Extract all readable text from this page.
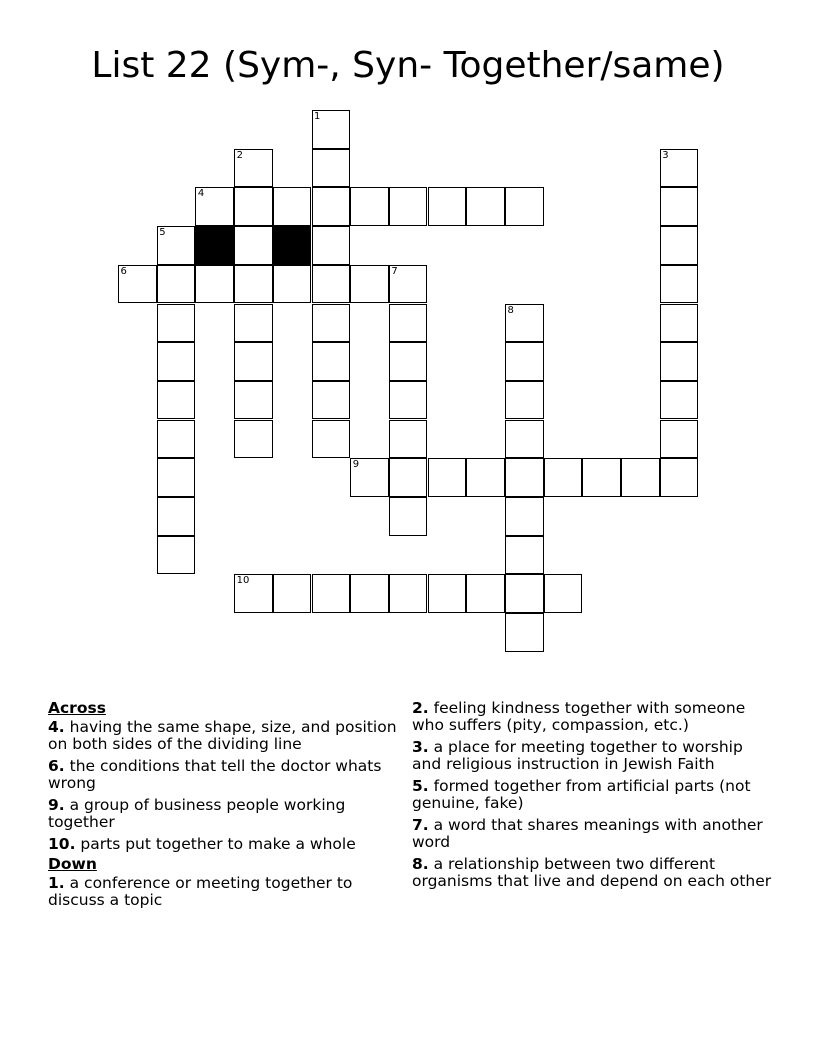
List 22 (Sym-, Syn- Together/same)
1
2	3
4
5
6	7
8
9
10
Across
4. having the same shape, size, and position on both sides of the dividing line
6. the conditions that tell the doctor whats wrong
9. a group of business people working together
10. parts put together to make a whole
Down
1. a conference or meeting together to discuss a topic
2. feeling kindness together with someone who suffers (pity, compassion, etc.)
3. a place for meeting together to worship and religious instruction in Jewish Faith
5. formed together from artificial parts (not genuine, fake)
7. a word that shares meanings with another word
8. a relationship between two different organisms that live and depend on each other
